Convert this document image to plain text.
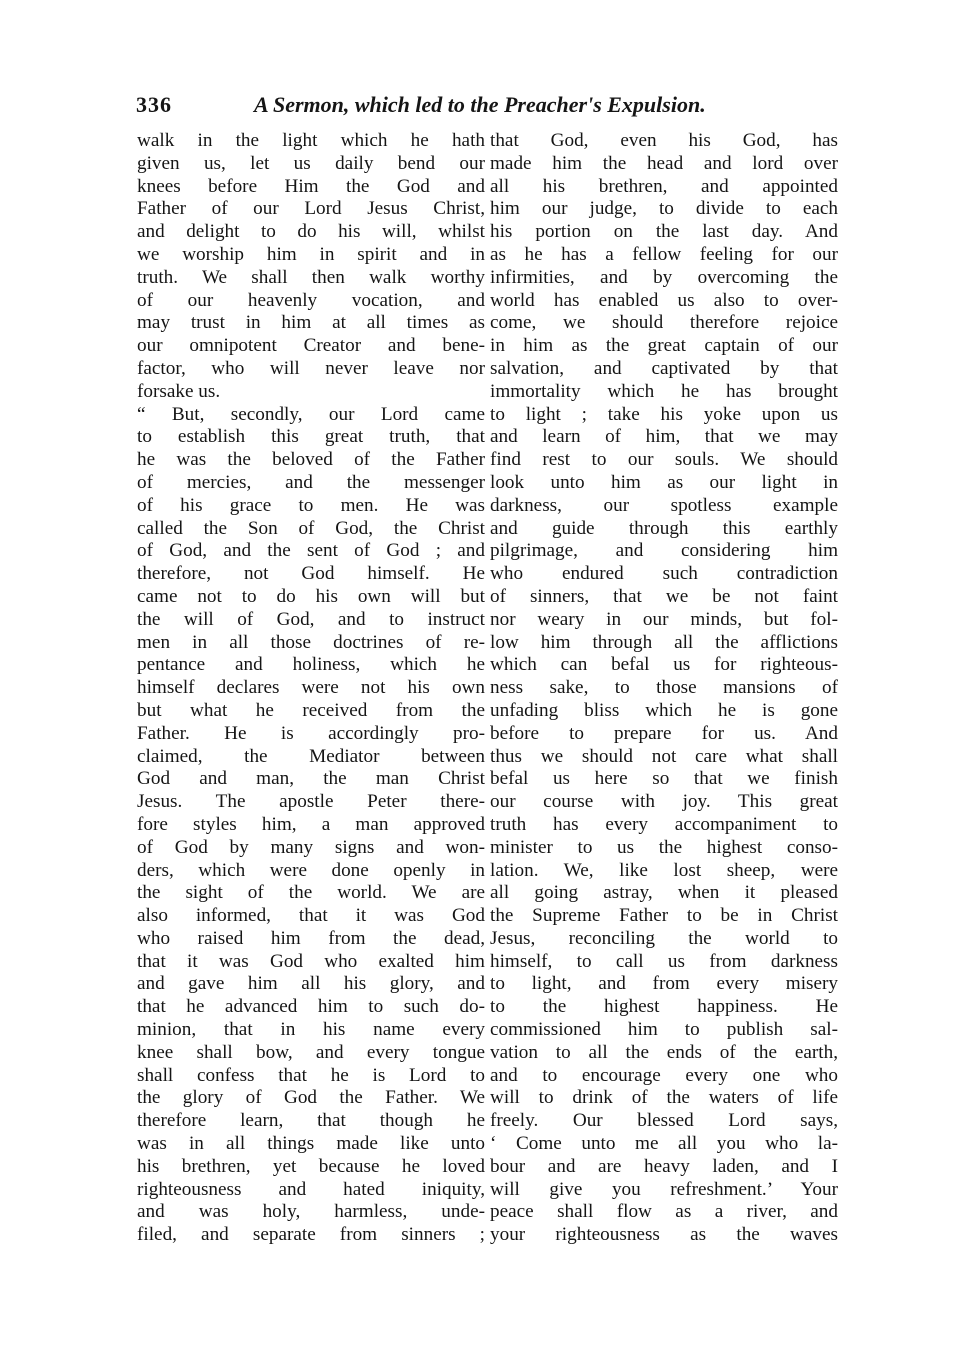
336	A Sermon, which led to the Preacher's Expulsion.
walk in the light which he hath
given us, let us daily bend our
knees before Him the God and
Father of our Lord Jesus Christ,
and delight to do his will, whilst
we worship him in spirit and in
truth. We shall then walk worthy
of our heavenly vocation, and
may trust in him at all times as
our omnipotent Creator and bene-
factor, who will never leave nor
forsake us.
“ But, secondly, our Lord came
to establish this great truth, that
he was the beloved of the Father
of mercies, and the messenger
of his grace to men. He was
called the Son of God, the Christ
of God, and the sent of God ; and
therefore, not God himself. He
came not to do his own will but
the will of God, and to instruct
men in all those doctrines of re-
pentance and holiness, which he
himself declares were not his own
but what he received from the
Father. He is accordingly pro-
claimed, the Mediator between
God and man, the man Christ
Jesus. The apostle Peter there-
fore styles him, a man approved
of God by many signs and won-
ders, which were done openly in
the sight of the world. We are
also informed, that it was God
who raised him from the dead,
that it was God who exalted him
and gave him all his glory, and
that he advanced him to such do-
minion, that in his name every
knee shall bow, and every tongue
shall confess that he is Lord to
the glory of God the Father. We
therefore learn, that though he
was in all things made like unto
his brethren, yet because he loved
righteousness and hated iniquity,
and was holy, harmless, unde-
filed, and separate from sinners ;
that God, even his God, has
made him the head and lord over
all his brethren, and appointed
him our judge, to divide to each
his portion on the last day. And
as he has a fellow feeling for our
infirmities, and by overcoming the
world has enabled us also to over-
come, we should therefore rejoice
in him as the great captain of our
salvation, and captivated by that
immortality which he has brought
to light ; take his yoke upon us
and learn of him, that we may
find rest to our souls. We should
look unto him as our light in
darkness, our spotless example
and guide through this earthly
pilgrimage, and considering him
who endured such contradiction
of sinners, that we be not faint
nor weary in our minds, but fol-
low him through all the afflictions
which can befal us for righteous-
ness sake, to those mansions of
unfading bliss which he is gone
before to prepare for us. And
thus we should not care what shall
befal us here so that we finish
our course with joy. This great
truth has every accompaniment to
minister to us the highest conso-
lation. We, like lost sheep, were
all going astray, when it pleased
the Supreme Father to be in Christ
Jesus, reconciling the world to
himself, to call us from darkness
to light, and from every misery
to the highest happiness. He
commissioned him to publish sal-
vation to all the ends of the earth,
and to encourage every one who
will to drink of the waters of life
freely. Our blessed Lord says,
‘ Come unto me all you who la-
bour and are heavy laden, and I
will give you refreshment.’ Your
peace shall flow as a river, and
your righteousness as the waves
